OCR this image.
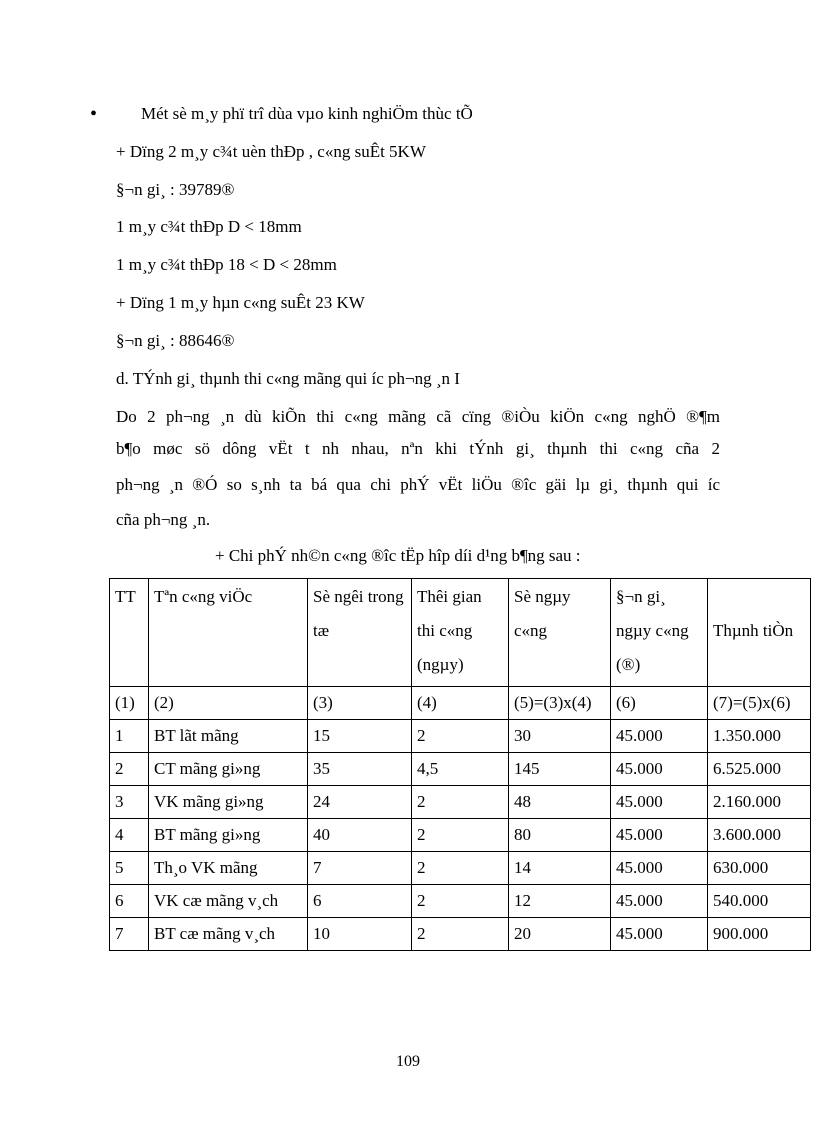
•	Mét sè m¸y phï trî dùa vµo kinh nghiÖm thùc tÕ
+ Dïng 2 m¸y c¾t uèn thÐp , c«ng suÊt 5KW
§¬n gi¸ : 39789®
1 m¸y c¾t thÐp D < 18mm
1 m¸y c¾t thÐp 18 < D < 28mm
+ Dïng 1 m¸y hµn c«ng suÊt 23 KW
§¬n gi¸ : 88646®
d. TÝnh gi¸ thµnh thi c«ng mãng qui íc ph¬ng ¸n I
Do 2 ph¬ng ¸n dù kiÕn thi c«ng mãng cã cïng ®iÒu kiÖn c«ng nghÖ ®¶m
b¶o møc sö dông vËt t nh nhau, nªn khi tÝnh gi¸ thµnh thi c«ng cña 2
ph¬ng ¸n ®Ó so s¸nh ta bá qua chi phÝ vËt liÖu ®îc gäi lµ gi¸ thµnh qui íc
cña ph¬ng ¸n.
+ Chi phÝ nh©n c«ng ®îc tËp hîp díi d¹ng b¶ng sau :
TT	Tªn c«ng viÖc	Sè ngêi trong tæ	Thêi gian thi c«ng (ngµy)	Sè ngµy c«ng	§¬n gi¸ ngµy c«ng (®)	Thµnh tiÒn
(1)	(2)	(3)	(4)	(5)=(3)x(4)	(6)	(7)=(5)x(6)
1	BT lãt mãng	15	2	30	45.000	1.350.000
2	CT mãng gi»ng	35	4,5	145	45.000	6.525.000
3	VK mãng gi»ng	24	2	48	45.000	2.160.000
4	BT mãng gi»ng	40	2	80	45.000	3.600.000
5	Th¸o VK mãng	7	2	14	45.000	630.000
6	VK cæ mãng v¸ch	6	2	12	45.000	540.000
7	BT cæ mãng v¸ch	10	2	20	45.000	900.000
109
